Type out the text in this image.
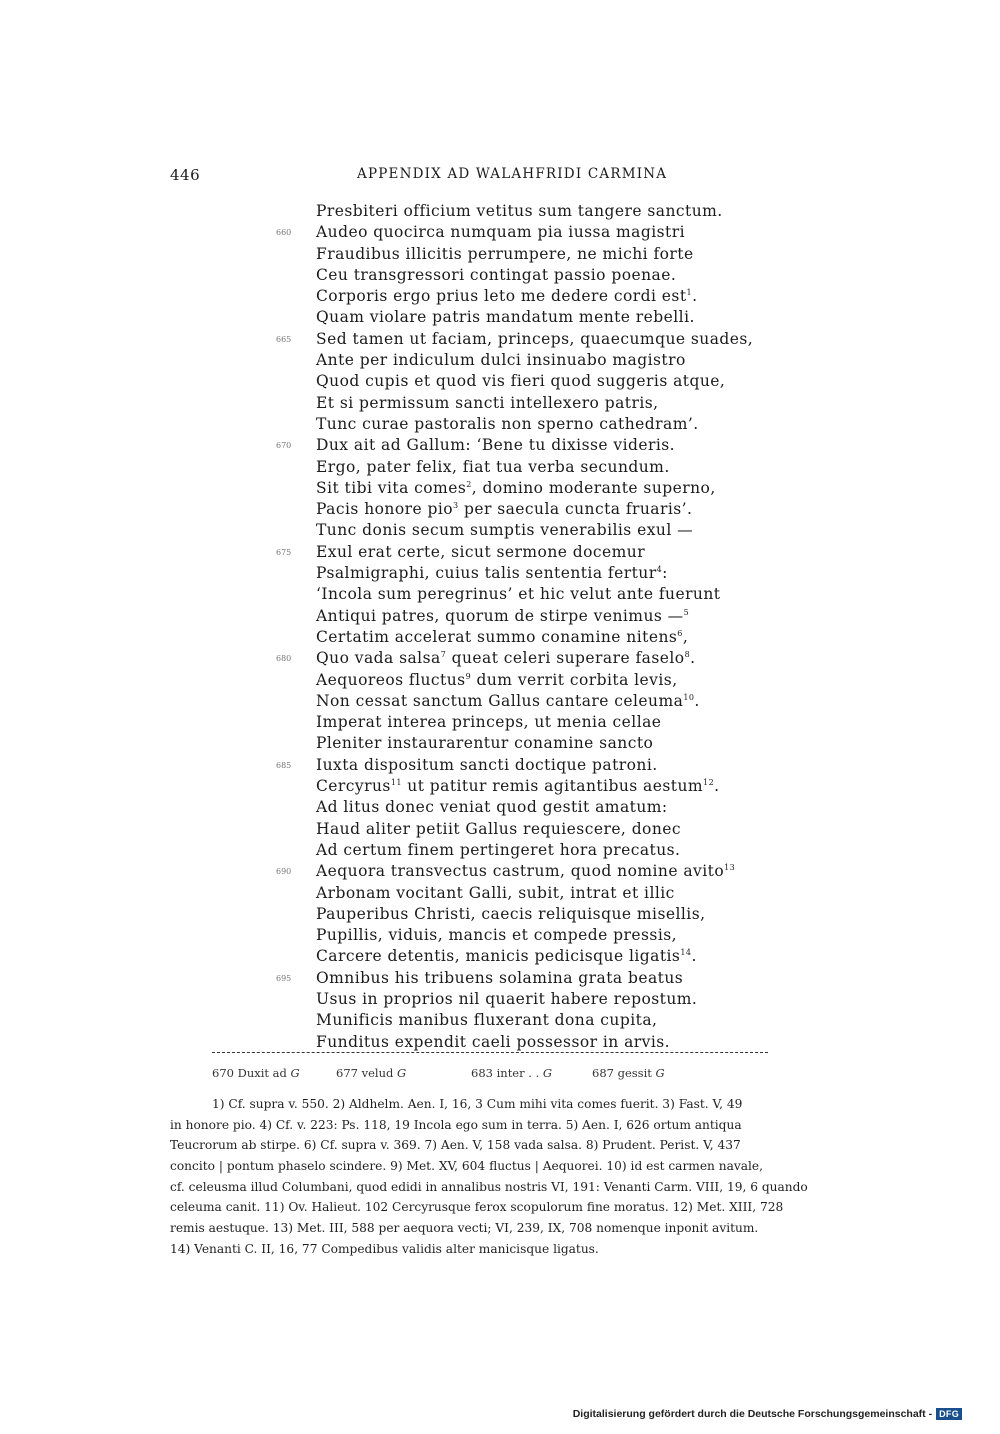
446	APPENDIX AD WALAHFRIDI CARMINA
Presbiteri officium vetitus sum tangere sanctum.
660 Audeo quocirca numquam pia iussa magistri
Fraudibus illicitis perrumpere, ne michi forte
Ceu transgressori contingat passio poenae.
Corporis ergo prius leto me dedere cordi est$^1$.
Quam violare patris mandatum mente rebelli.
665 Sed tamen ut faciam, princeps, quaecumque suades,
Ante per indiculum dulci insinuabo magistro
Quod cupis et quod vis fieri quod suggeris atque,
Et si permissum sancti intellexero patris,
Tunc curae pastoralis non sperno cathedram’.
670 Dux ait ad Gallum: ‘Bene tu dixisse videris.
Ergo, pater felix, fiat tua verba secundum.
Sit tibi vita comes$^2$, domino moderante superno,
Pacis honore pio$^3$ per saecula cuncta fruaris’.
Tunc donis secum sumptis venerabilis exul —
675 Exul erat certe, sicut sermone docemur
Psalmigraphi, cuius talis sententia fertur$^4$:
‘Incola sum peregrinus’ et hic velut ante fuerunt
Antiqui patres, quorum de stirpe venimus —$^5$
Certatim accelerat summo conamine nitens$^6$,
680 Quo vada salsa$^7$ queat celeri superare faselo$^8$.
Aequoreos fluctus$^9$ dum verrit corbita levis,
Non cessat sanctum Gallus cantare celeuma$^{10}$.
Imperat interea princeps, ut menia cellae
Pleniter instaurarentur conamine sancto
685 Iuxta dispositum sancti doctique patroni.
Cercyrus$^{11}$ ut patitur remis agitantibus aestum$^{12}$.
Ad litus donec veniat quod gestit amatum:
Haud aliter petiit Gallus requiescere, donec
Ad certum finem pertingeret hora precatus.
690 Aequora transvectus castrum, quod nomine avito$^{13}$
Arbonam vocitant Galli, subit, intrat et illic
Pauperibus Christi, caecis reliquisque misellis,
Pupillis, viduis, mancis et compede pressis,
Carcere detentis, manicis pedicisque ligatis$^{14}$.
695 Omnibus his tribuens solamina grata beatus
Usus in proprios nil quaerit habere repostum.
Munificis manibus fluxerant dona cupita,
Funditus expendit caeli possessor in arvis.
670 Duxit ad G	677 velud G	683 inter . . G	687 gessit G
1) Cf. supra v. 550. 2) Aldhelm. Aen. I, 16, 3 Cum mihi vita comes fuerit. 3) Fast. V, 49
in honore pio. 4) Cf. v. 223: Ps. 118, 19 Incola ego sum in terra. 5) Aen. I, 626 ortum antiqua
Teucrorum ab stirpe. 6) Cf. supra v. 369. 7) Aen. V, 158 vada salsa. 8) Prudent. Perist. V, 437
concito | pontum phaselo scindere. 9) Met. XV, 604 fluctus | Aequorei. 10) id est carmen navale,
cf. celeusma illud Columbani, quod edidi in annalibus nostris VI, 191: Venanti Carm. VIII, 19, 6 quando
celeuma canit. 11) Ov. Halieut. 102 Cercyrusque ferox scopulorum fine moratus. 12) Met. XIII, 728
remis aestuque. 13) Met. III, 588 per aequora vecti; VI, 239, IX, 708 nomenque inponit avitum.
14) Venanti C. II, 16, 77 Compedibus validis alter manicisque ligatus.
Digitalisierung gefördert durch die Deutsche Forschungsgemeinschaft - DFG
